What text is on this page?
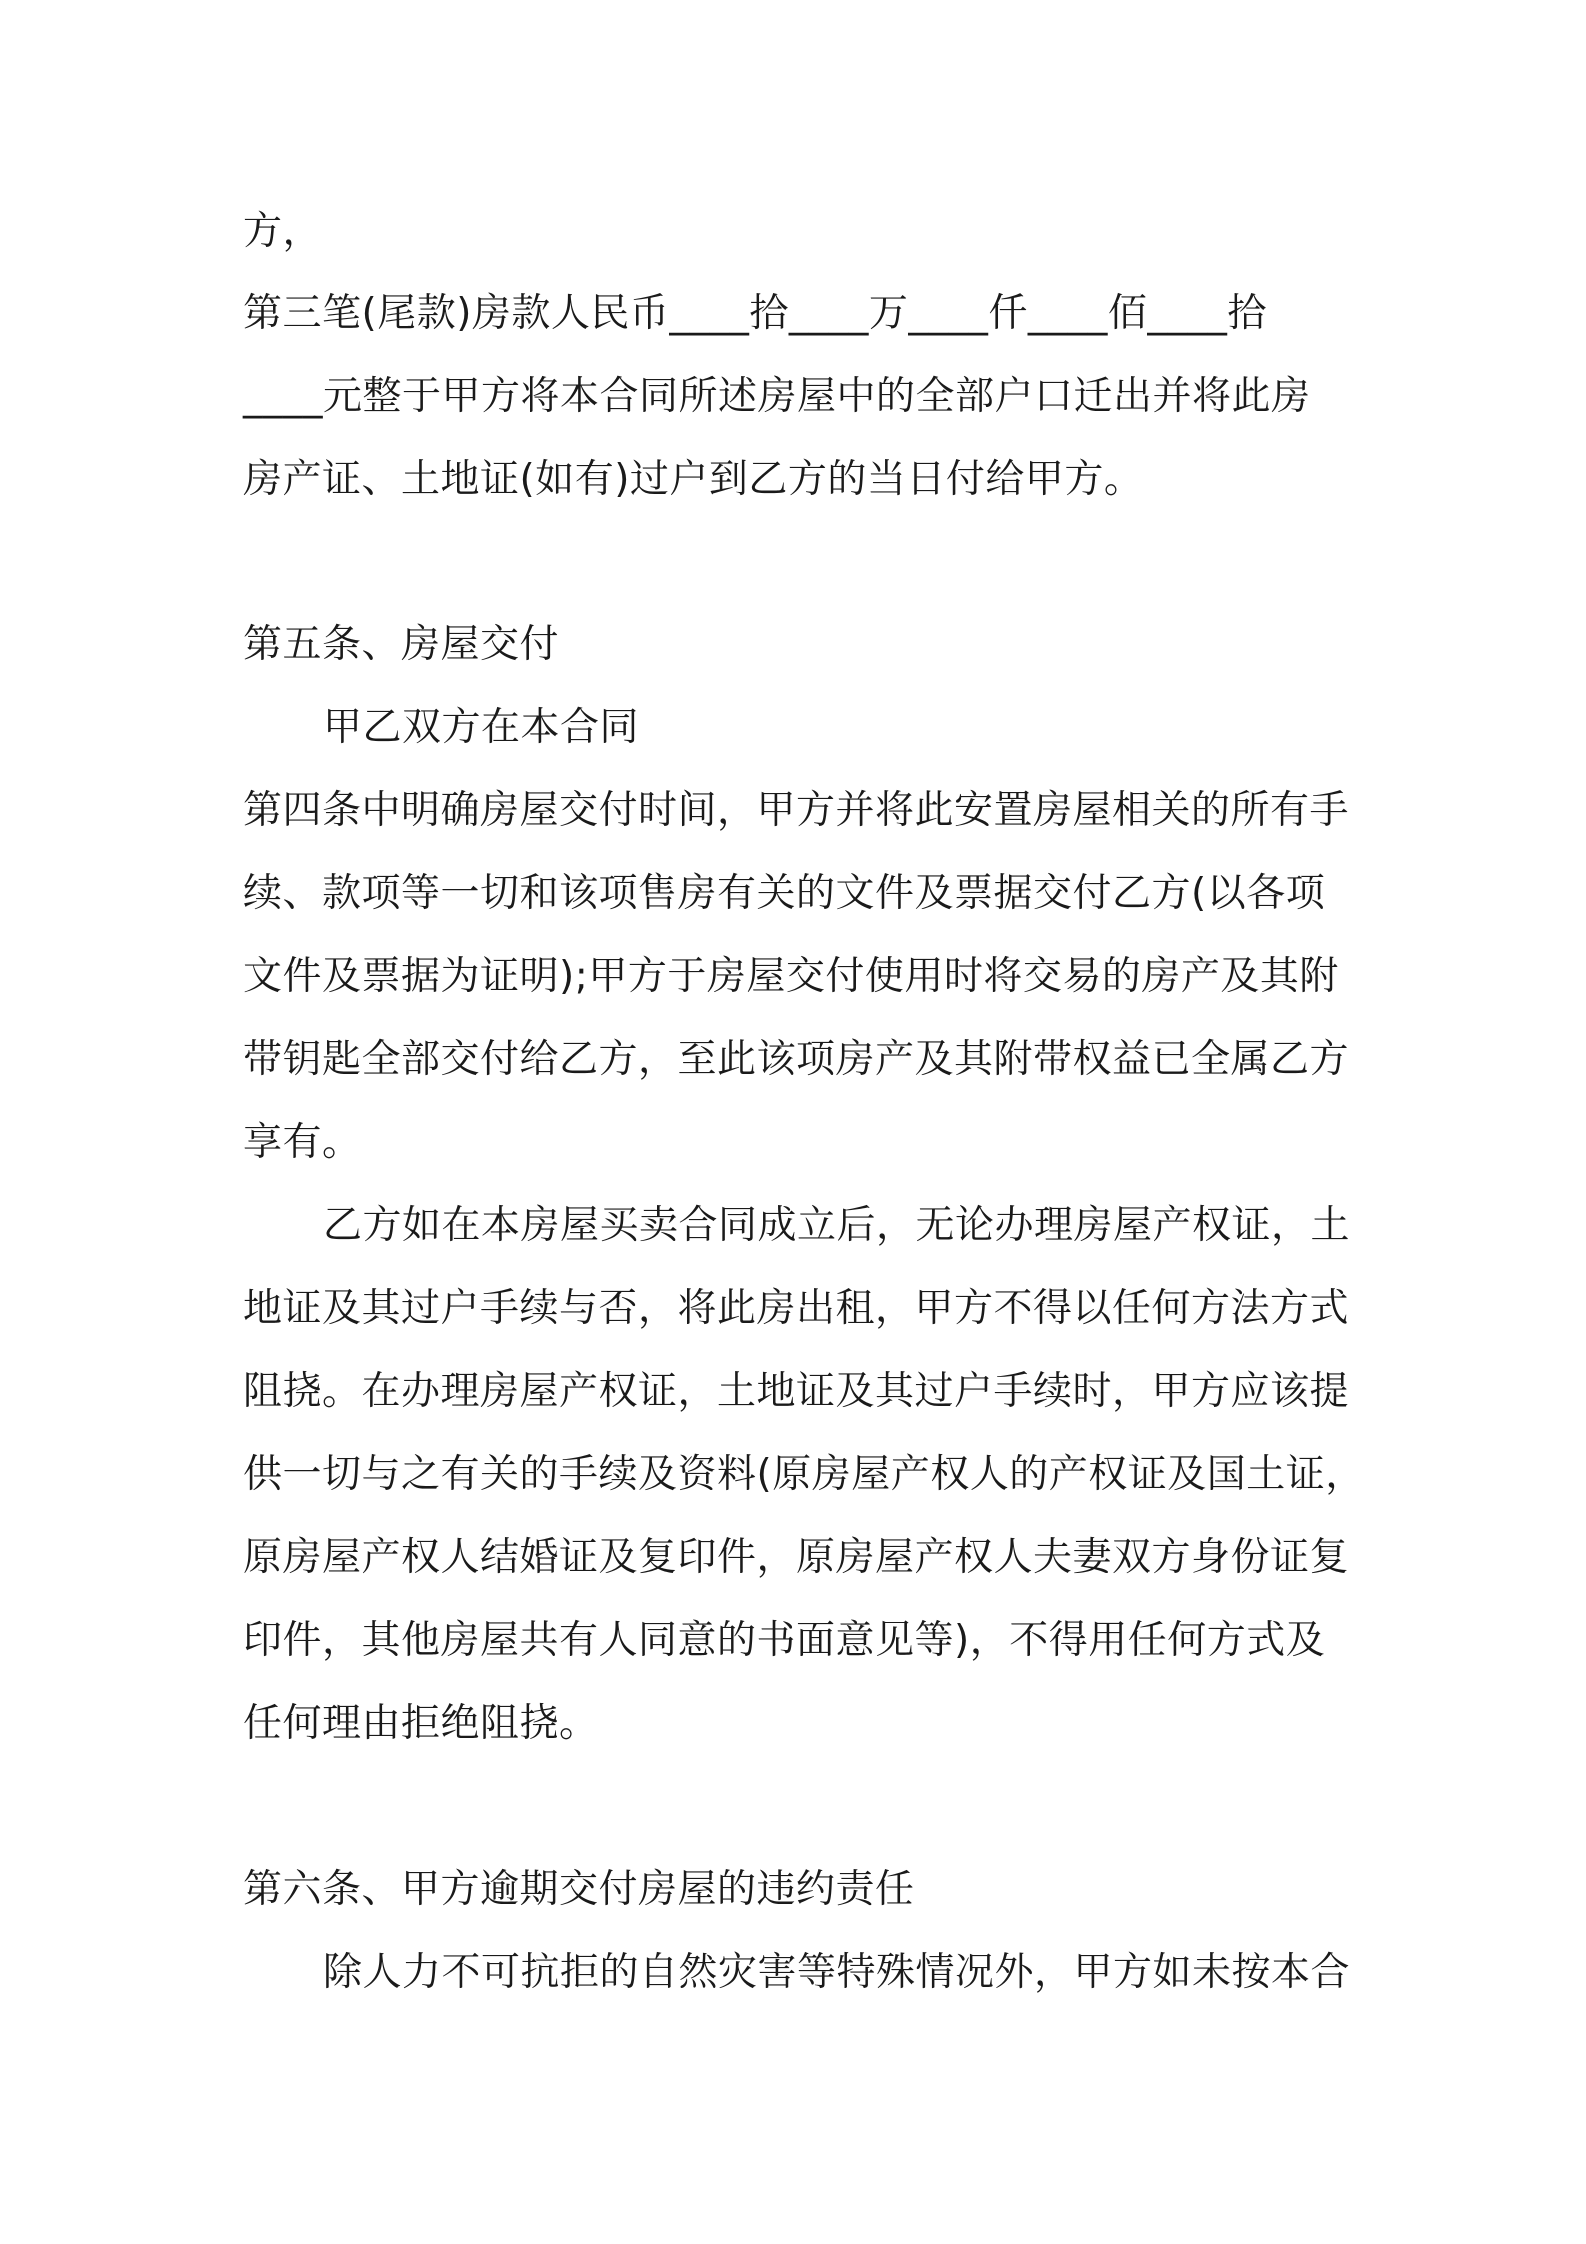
方，
第三笔(尾款)房款人民币____拾____万____仟____佰____拾
____元整于甲方将本合同所述房屋中的全部户口迁出并将此房
房产证、土地证(如有)过户到乙方的当日付给甲方。
第五条、房屋交付
甲乙双方在本合同
第四条中明确房屋交付时间，甲方并将此安置房屋相关的所有手
续、款项等一切和该项售房有关的文件及票据交付乙方(以各项
文件及票据为证明);甲方于房屋交付使用时将交易的房产及其附
带钥匙全部交付给乙方，至此该项房产及其附带权益已全属乙方
享有。
乙方如在本房屋买卖合同成立后，无论办理房屋产权证，土
地证及其过户手续与否，将此房出租，甲方不得以任何方法方式
阻挠。在办理房屋产权证，土地证及其过户手续时，甲方应该提
供一切与之有关的手续及资料(原房屋产权人的产权证及国土证，
原房屋产权人结婚证及复印件，原房屋产权人夫妻双方身份证复
印件，其他房屋共有人同意的书面意见等)，不得用任何方式及
任何理由拒绝阻挠。
第六条、甲方逾期交付房屋的违约责任
除人力不可抗拒的自然灾害等特殊情况外，甲方如未按本合
